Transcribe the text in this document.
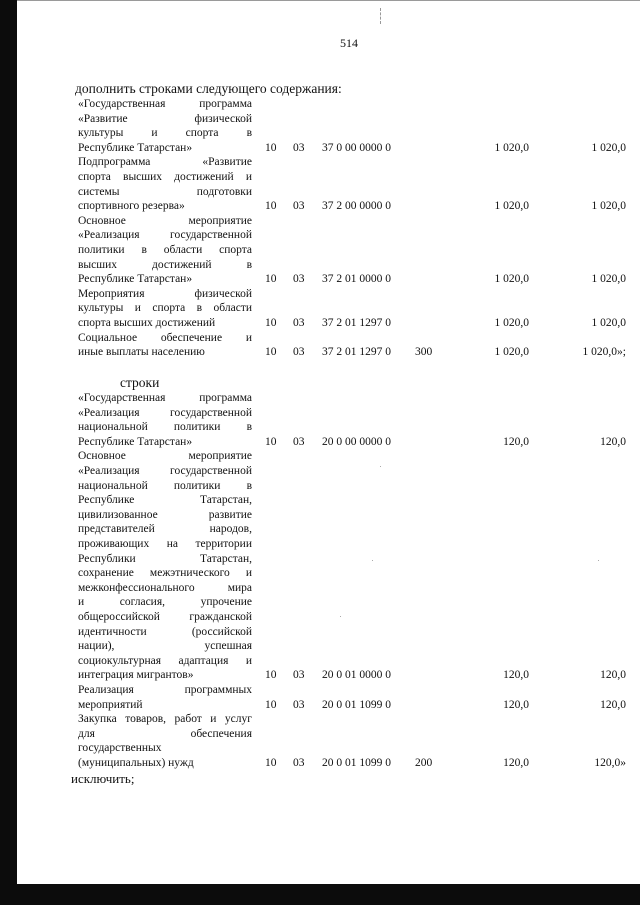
514
дополнить строками следующего содержания:
«Государственная программа
«Развитие физической
культуры и спорта в
Республике Татарстан»	10 03 37 0 00 0000 0	1 020,0	1 020,0
Подпрограмма «Развитие
спорта высших достижений и
системы подготовки
спортивного резерва»	10 03 37 2 00 0000 0	1 020,0	1 020,0
Основное мероприятие
«Реализация государственной
политики в области спорта
высших достижений в
Республике Татарстан»	10 03 37 2 01 0000 0	1 020,0	1 020,0
Мероприятия физической
культуры и спорта в области
спорта высших достижений	10 03 37 2 01 1297 0	1 020,0	1 020,0
Социальное обеспечение и
иные выплаты населению	10 03 37 2 01 1297 0 300	1 020,0	1 020,0»;
строки
«Государственная программа
«Реализация государственной
национальной политики в
Республике Татарстан»	10 03 20 0 00 0000 0	120,0	120,0
Основное мероприятие
«Реализация государственной
национальной политики в
Республике Татарстан,
цивилизованное развитие
представителей народов,
проживающих на территории
Республики Татарстан,
сохранение межэтнического и
межконфессионального мира
и согласия, упрочение
общероссийской гражданской
идентичности (российской
нации), успешная
социокультурная адаптация и
интеграция мигрантов»	10 03 20 0 01 0000 0	120,0	120,0
Реализация программных
мероприятий	10 03 20 0 01 1099 0	120,0	120,0
Закупка товаров, работ и услуг
для обеспечения
государственных
(муниципальных) нужд	10 03 20 0 01 1099 0 200	120,0	120,0»
исключить;
